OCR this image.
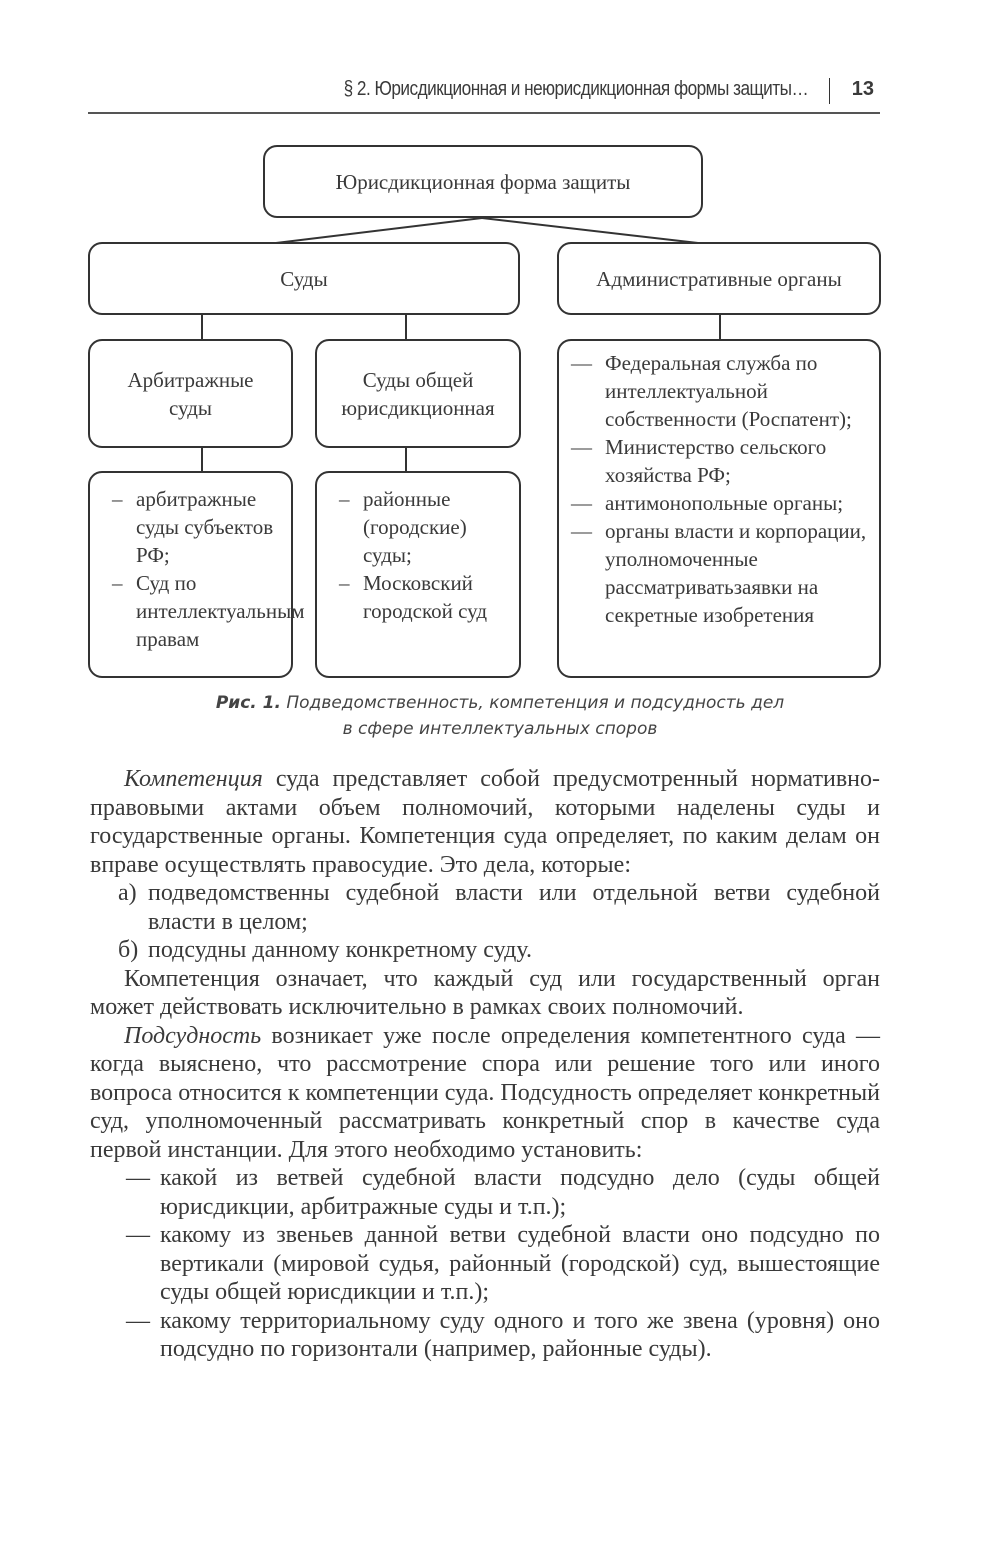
§ 2. Юрисдикционная и неюрисдикционная формы защиты… 13
Юрисдикционная форма защиты
Суды	Административные органы
Арбитражные суды
Суды общей юрисдикционная
– арбитражные суды субъектов РФ;
– Суд по интеллектуальным правам
– районные (городские) суды;
– Московский городской суд
— Федеральная служба по интеллектуальной собственности (Роспатент);
— Министерство сельского хозяйства РФ;
— антимонопольные органы;
— органы власти и корпорации, уполномоченные рассматриватьзаявки на секретные изобретения
Рис. 1. Подведомственность, компетенция и подсудность дел
в сфере интеллектуальных споров

Компетенция суда представляет собой предусмотренный нормативно-правовыми актами объем полномочий, которыми наделены суды и государственные органы. Компетенция суда определяет, по каким делам он вправе осуществлять правосудие. Это дела, которые:

а) подведомственны судебной власти или отдельной ветви судебной власти в целом;
б) подсудны данному конкретному суду.

Компетенция означает, что каждый суд или государственный орган может действовать исключительно в рамках своих полномочий.

Подсудность возникает уже после определения компетентного суда — когда выяснено, что рассмотрение спора или решение того или иного вопроса относится к компетенции суда. Подсудность определяет конкретный суд, уполномоченный рассматривать конкретный спор в качестве суда первой инстанции. Для этого необходимо установить:

— какой из ветвей судебной власти подсудно дело (суды общей юрисдикции, арбитражные суды и т.п.);
— какому из звеньев данной ветви судебной власти оно подсудно по вертикали (мировой судья, районный (городской) суд, вышестоящие суды общей юрисдикции и т.п.);
— какому территориальному суду одного и того же звена (уровня) оно подсудно по горизонтали (например, районные суды).
